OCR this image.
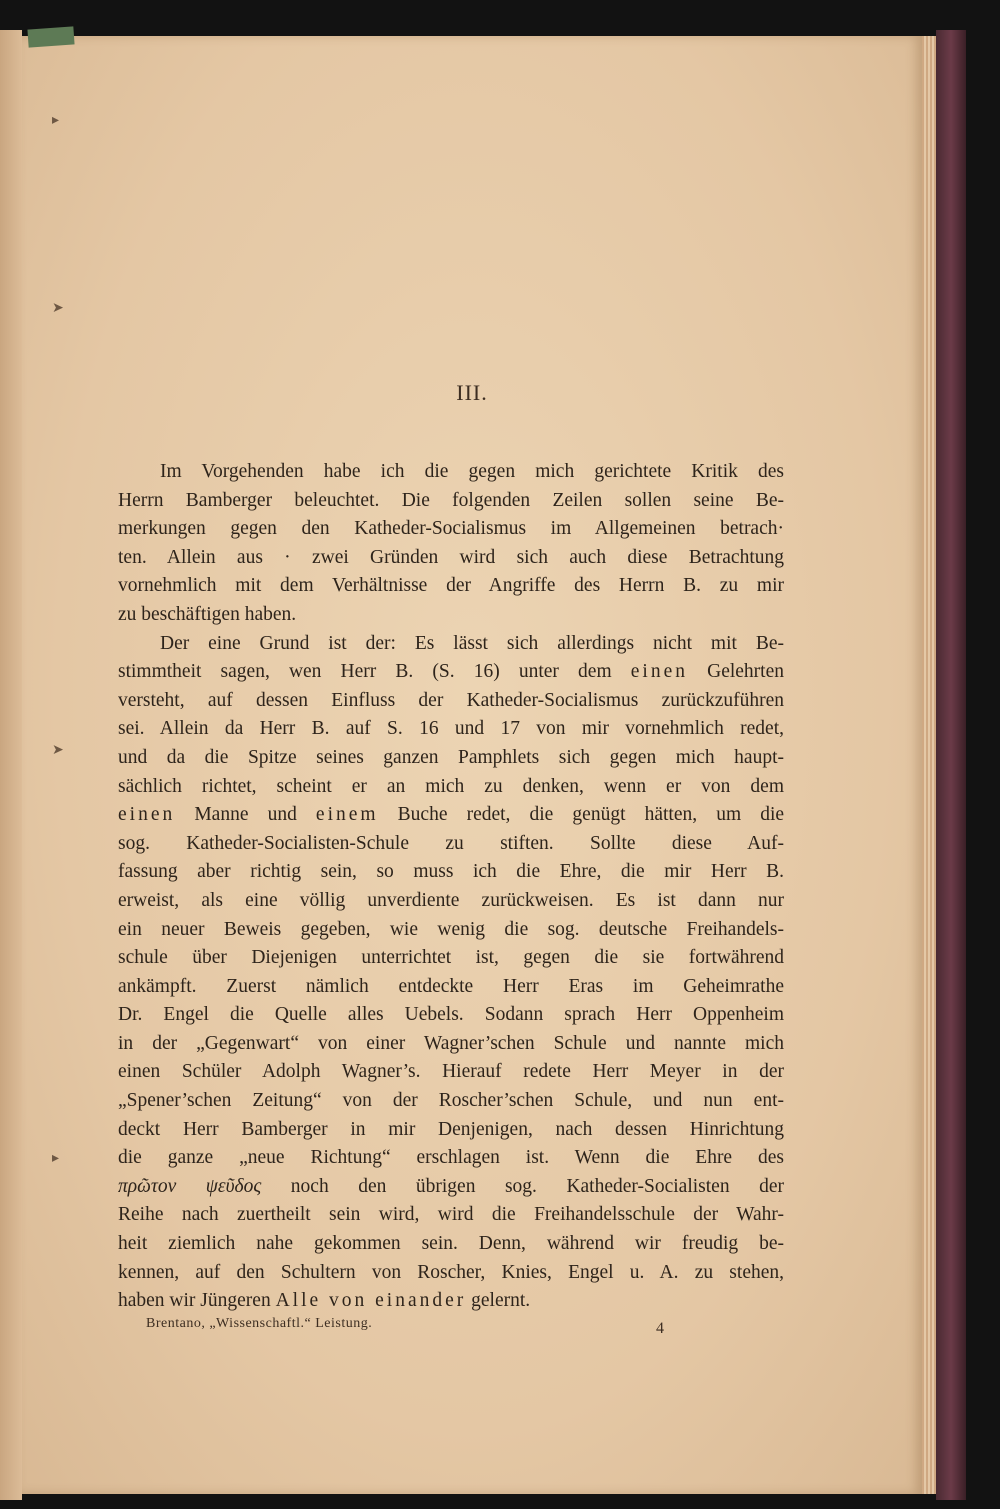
III.
Im Vorgehenden habe ich die gegen mich gerichtete Kritik des
Herrn Bamberger beleuchtet. Die folgenden Zeilen sollen seine Be-
merkungen gegen den Katheder-Socialismus im Allgemeinen betrach·
ten. Allein aus · zwei Gründen wird sich auch diese Betrachtung
vornehmlich mit dem Verhältnisse der Angriffe des Herrn B. zu mir
zu beschäftigen haben.
Der eine Grund ist der: Es lässt sich allerdings nicht mit Be-
stimmtheit sagen, wen Herr B. (S. 16) unter dem einen Gelehrten
versteht, auf dessen Einfluss der Katheder-Socialismus zurückzuführen
sei. Allein da Herr B. auf S. 16 und 17 von mir vornehmlich redet,
und da die Spitze seines ganzen Pamphlets sich gegen mich haupt-
sächlich richtet, scheint er an mich zu denken, wenn er von dem
einen Manne und einem Buche redet, die genügt hätten, um die
sog. Katheder-Socialisten-Schule zu stiften. Sollte diese Auf-
fassung aber richtig sein, so muss ich die Ehre, die mir Herr B.
erweist, als eine völlig unverdiente zurückweisen. Es ist dann nur
ein neuer Beweis gegeben, wie wenig die sog. deutsche Freihandels-
schule über Diejenigen unterrichtet ist, gegen die sie fortwährend
ankämpft. Zuerst nämlich entdeckte Herr Eras im Geheimrathe
Dr. Engel die Quelle alles Uebels. Sodann sprach Herr Oppenheim
in der „Gegenwart“ von einer Wagner’schen Schule und nannte mich
einen Schüler Adolph Wagner’s. Hierauf redete Herr Meyer in der
„Spener’schen Zeitung“ von der Roscher’schen Schule, und nun ent-
deckt Herr Bamberger in mir Denjenigen, nach dessen Hinrichtung
die ganze „neue Richtung“ erschlagen ist. Wenn die Ehre des
πρῶτον ψεῦδος noch den übrigen sog. Katheder-Socialisten der
Reihe nach zuertheilt sein wird, wird die Freihandelsschule der Wahr-
heit ziemlich nahe gekommen sein. Denn, während wir freudig be-
kennen, auf den Schultern von Roscher, Knies, Engel u. A. zu stehen,
haben wir Jüngeren Alle von einander gelernt.
Brentano, „Wissenschaftl.“ Leistung.	4
▸
➤
➤
▸
